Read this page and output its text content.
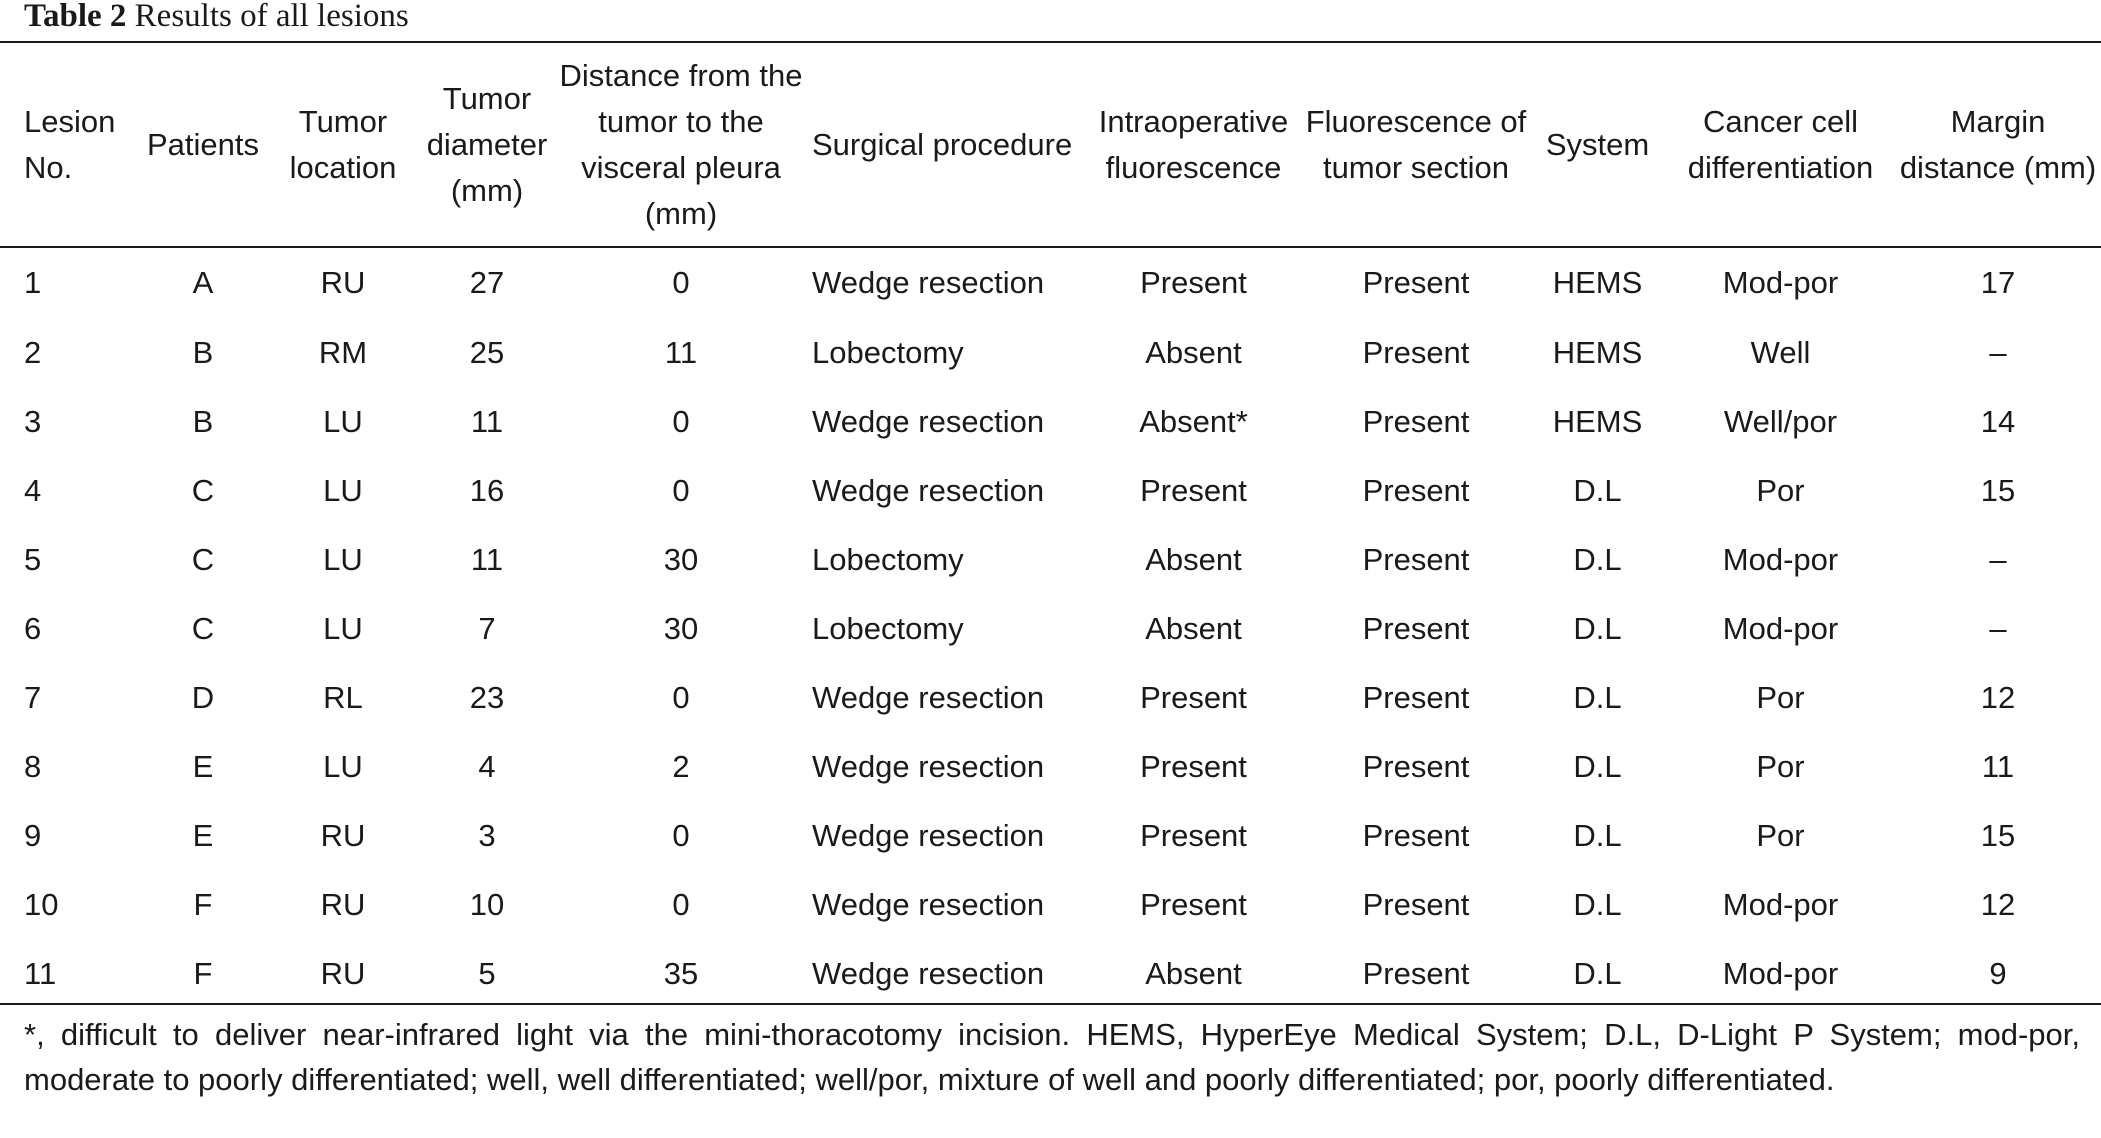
Table 2 Results of all lesions
Lesion No.	Patients	Tumor location	Tumor diameter (mm)	Distance from the tumor to the visceral pleura (mm)	Surgical procedure	Intraoperative fluorescence	Fluorescence of tumor section	System	Cancer cell differentiation	Margin distance (mm)
1	A	RU	27	0	Wedge resection	Present	Present	HEMS	Mod-por	17
2	B	RM	25	11	Lobectomy	Absent	Present	HEMS	Well	–
3	B	LU	11	0	Wedge resection	Absent*	Present	HEMS	Well/por	14
4	C	LU	16	0	Wedge resection	Present	Present	D.L	Por	15
5	C	LU	11	30	Lobectomy	Absent	Present	D.L	Mod-por	–
6	C	LU	7	30	Lobectomy	Absent	Present	D.L	Mod-por	–
7	D	RL	23	0	Wedge resection	Present	Present	D.L	Por	12
8	E	LU	4	2	Wedge resection	Present	Present	D.L	Por	11
9	E	RU	3	0	Wedge resection	Present	Present	D.L	Por	15
10	F	RU	10	0	Wedge resection	Present	Present	D.L	Mod-por	12
11	F	RU	5	35	Wedge resection	Absent	Present	D.L	Mod-por	9
*, difficult to deliver near-infrared light via the mini-thoracotomy incision. HEMS, HyperEye Medical System; D.L, D-Light P System; mod-por, moderate to poorly differentiated; well, well differentiated; well/por, mixture of well and poorly differentiated; por, poorly differentiated.
